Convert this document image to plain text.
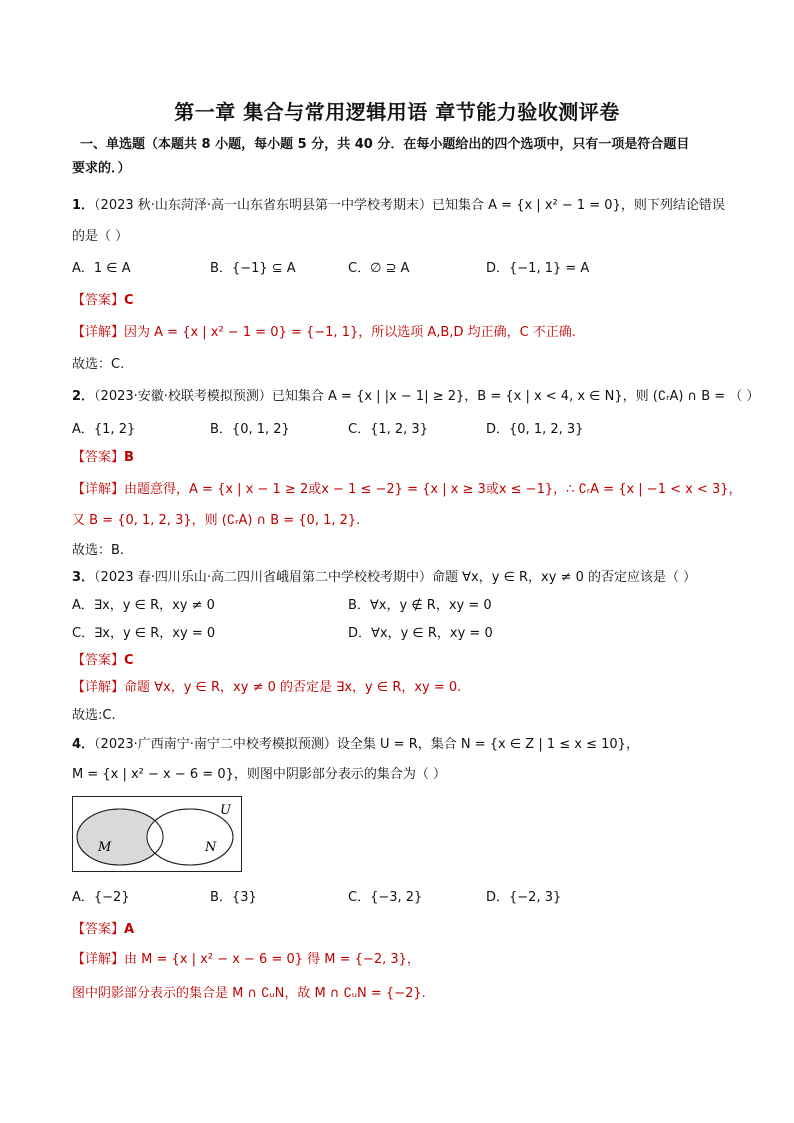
第一章 集合与常用逻辑用语 章节能力验收测评卷
一、单选题（本题共 8 小题，每小题 5 分，共 40 分．在每小题给出的四个选项中，只有一项是符合题目
要求的．）
1．（2023 秋·山东菏泽·高一山东省东明县第一中学校考期末）已知集合 A = {x | x² − 1 = 0}，则下列结论错误
的是（ ）
A．1 ∈ A	B．{−1} ⊆ A	C．∅ ⊇ A	D．{−1, 1} = A
【答案】C
【详解】因为 A = {x | x² − 1 = 0} = {−1, 1}，所以选项 A,B,D 均正确，C 不正确.
故选：C.
2．（2023·安徽·校联考模拟预测）已知集合 A = {x | |x − 1| ≥ 2}，B = {x | x < 4, x ∈ N}，则 (∁ᵣA) ∩ B = （ ）
A．{1, 2}	B．{0, 1, 2}	C．{1, 2, 3}	D．{0, 1, 2, 3}
【答案】B
【详解】由题意得，A = {x | x − 1 ≥ 2或x − 1 ≤ −2} = {x | x ≥ 3或x ≤ −1}，∴ ∁ᵣA = {x | −1 < x < 3}，
又 B = {0, 1, 2, 3}，则 (∁ᵣA) ∩ B = {0, 1, 2}.
故选：B.
3．（2023 春·四川乐山·高二四川省峨眉第二中学校校考期中）命题 ∀x，y ∈ R，xy ≠ 0 的否定应该是（ ）
A．∃x，y ∈ R，xy ≠ 0	B．∀x，y ∉ R，xy = 0
C．∃x，y ∈ R，xy = 0	D．∀x，y ∈ R，xy = 0
【答案】C
【详解】命题 ∀x，y ∈ R，xy ≠ 0 的否定是 ∃x，y ∈ R，xy = 0.
故选:C.
4．（2023·广西南宁·南宁二中校考模拟预测）设全集 U = R，集合 N = {x ∈ Z | 1 ≤ x ≤ 10}，
M = {x | x² − x − 6 = 0}，则图中阴影部分表示的集合为（ ）
U
M	N
A．{−2}	B．{3}	C．{−3, 2}	D．{−2, 3}
【答案】A
【详解】由 M = {x | x² − x − 6 = 0} 得 M = {−2, 3}，
图中阴影部分表示的集合是 M ∩ ∁ᵤN，故 M ∩ ∁ᵤN = {−2}.
